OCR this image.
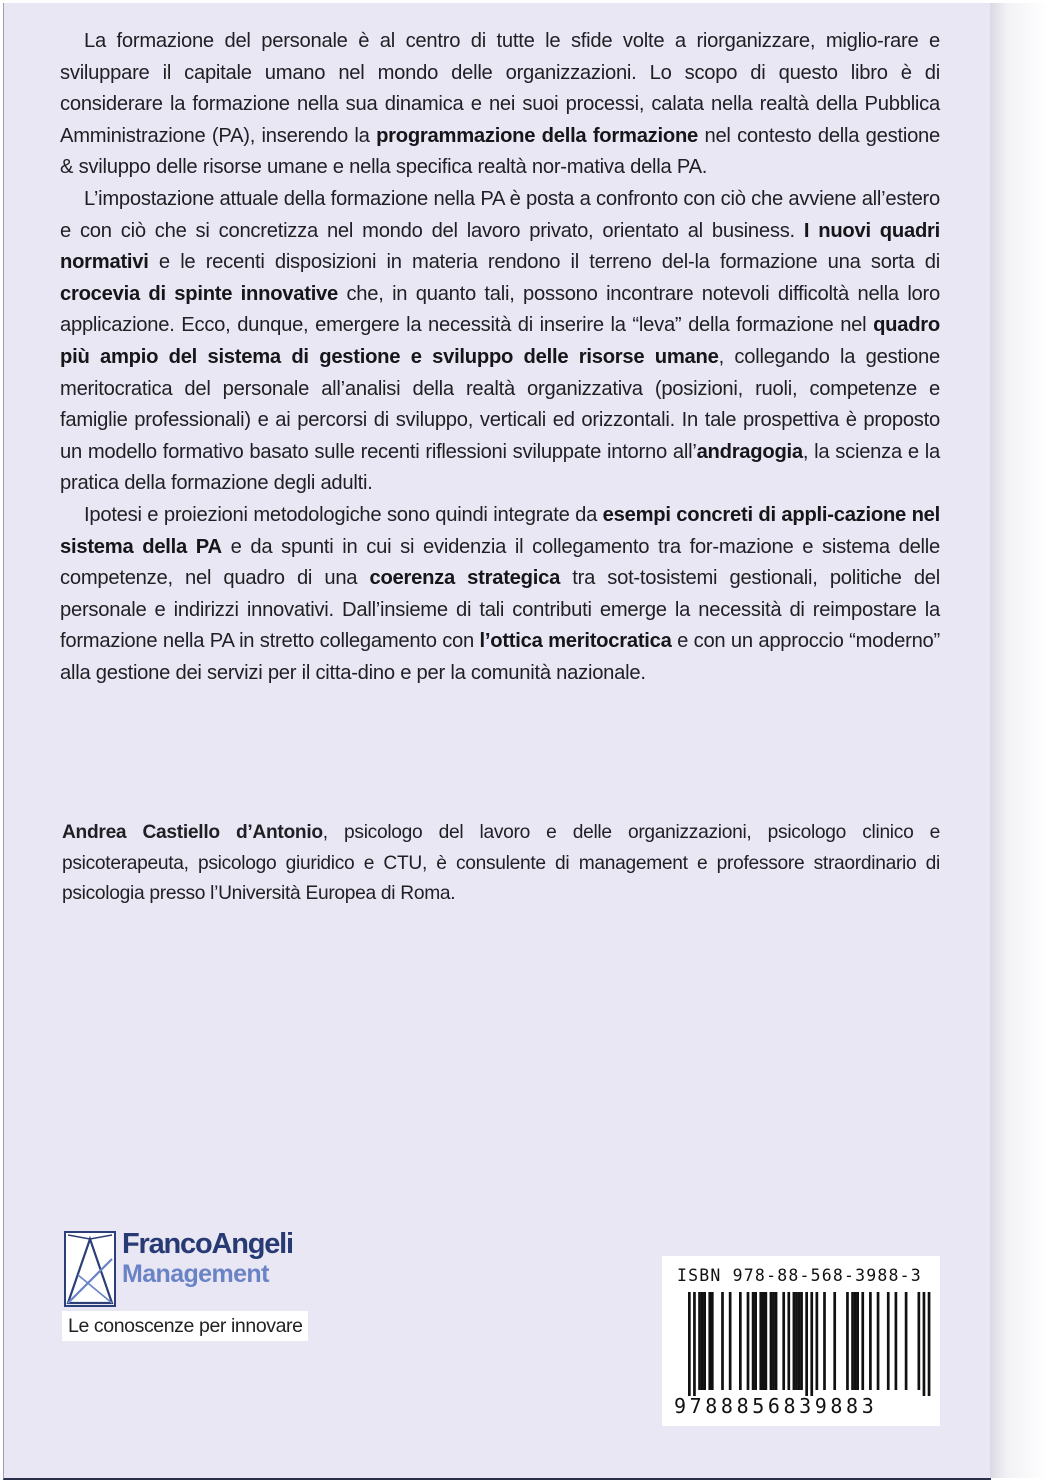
La formazione del personale è al centro di tutte le sfide volte a riorganizzare, miglio-rare e sviluppare il capitale umano nel mondo delle organizzazioni. Lo scopo di questo libro è di considerare la formazione nella sua dinamica e nei suoi processi, calata nella realtà della Pubblica Amministrazione (PA), inserendo la programmazione della formazione nel contesto della gestione & sviluppo delle risorse umane e nella specifica realtà nor-mativa della PA.

L’impostazione attuale della formazione nella PA è posta a confronto con ciò che avviene all’estero e con ciò che si concretizza nel mondo del lavoro privato, orientato al business. I nuovi quadri normativi e le recenti disposizioni in materia rendono il terreno del-la formazione una sorta di crocevia di spinte innovative che, in quanto tali, possono incontrare notevoli difficoltà nella loro applicazione. Ecco, dunque, emergere la necessità di inserire la “leva” della formazione nel quadro più ampio del sistema di gestione e sviluppo delle risorse umane, collegando la gestione meritocratica del personale all’analisi della realtà organizzativa (posizioni, ruoli, competenze e famiglie professionali) e ai percorsi di sviluppo, verticali ed orizzontali. In tale prospettiva è proposto un modello formativo basato sulle recenti riflessioni sviluppate intorno all’andragogia, la scienza e la pratica della formazione degli adulti.

Ipotesi e proiezioni metodologiche sono quindi integrate da esempi concreti di appli-cazione nel sistema della PA e da spunti in cui si evidenzia il collegamento tra for-mazione e sistema delle competenze, nel quadro di una coerenza strategica tra sot-tosistemi gestionali, politiche del personale e indirizzi innovativi. Dall’insieme di tali contributi emerge la necessità di reimpostare la formazione nella PA in stretto collegamento con l’ottica meritocratica e con un approccio “moderno” alla gestione dei servizi per il citta-dino e per la comunità nazionale.

Andrea Castiello d’Antonio, psicologo del lavoro e delle organizzazioni, psicologo clinico e psicoterapeuta, psicologo giuridico e CTU, è consulente di management e professore straordinario di psicologia presso l’Università Europea di Roma.

FrancoAngeli
Management
Le conoscenze per innovare
ISBN 978-88-568-3988-3
9788856839883
